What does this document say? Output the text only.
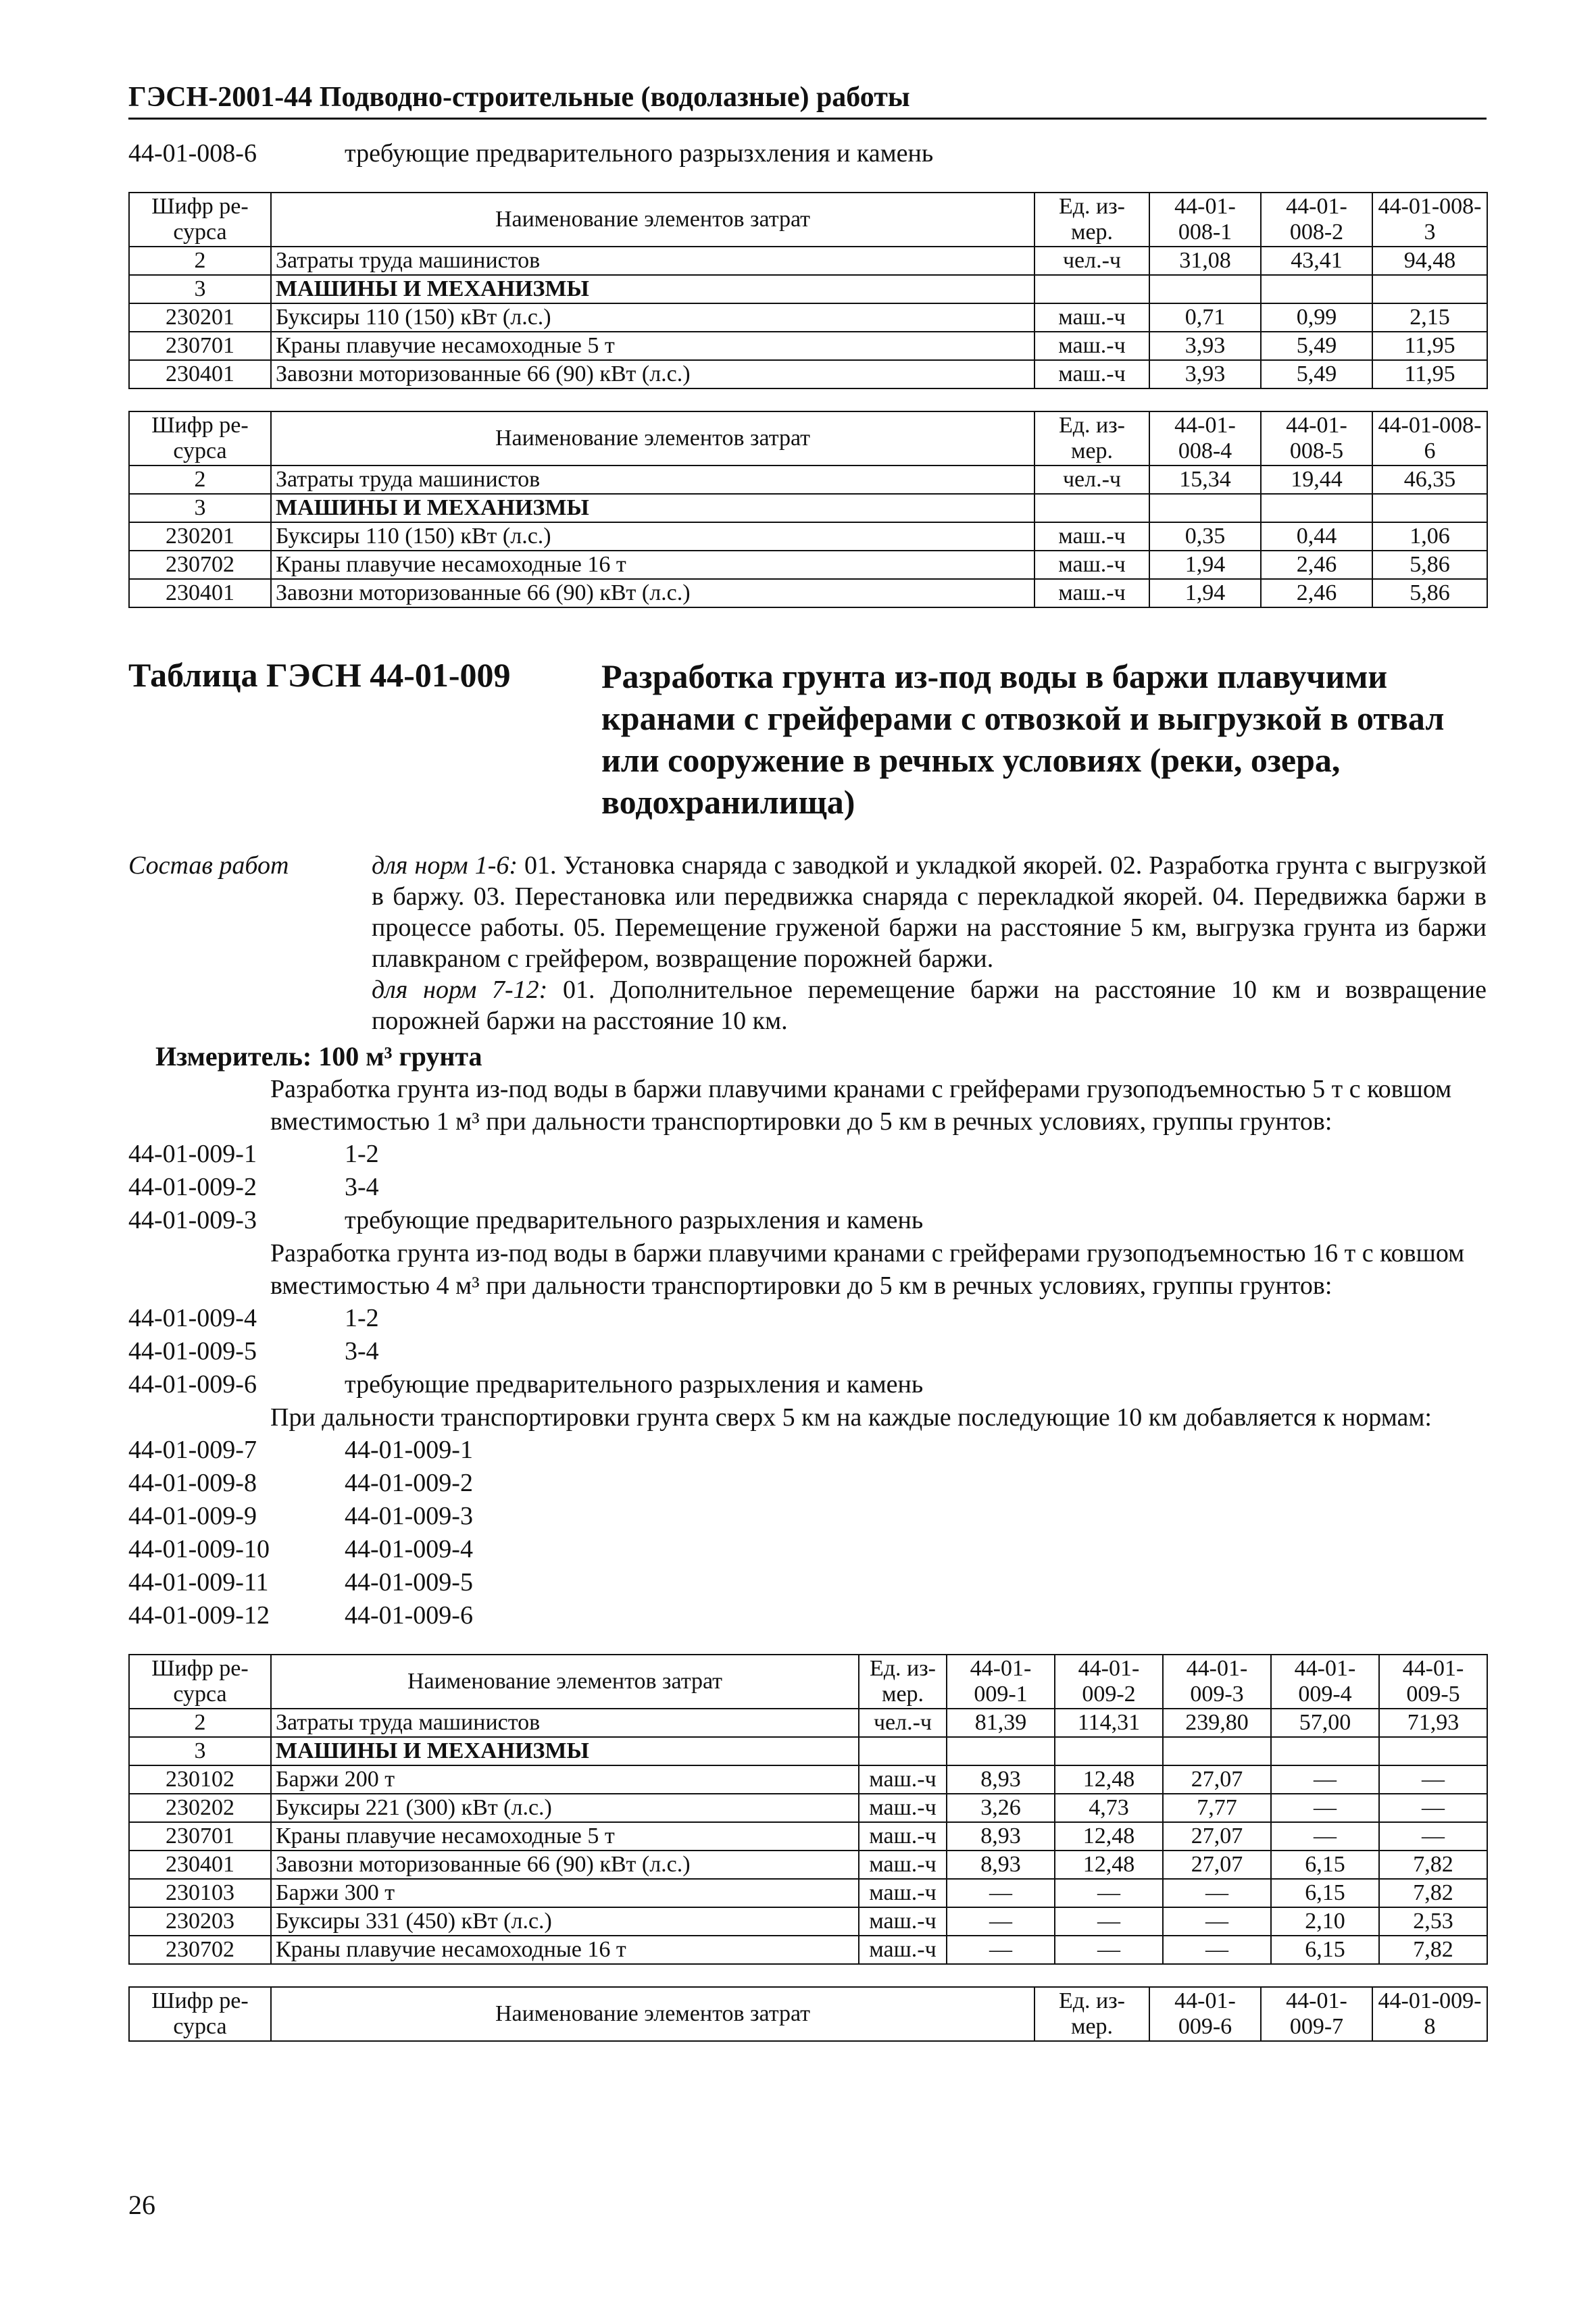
ГЭСН-2001-44 Подводно-строительные (водолазные) работы
44-01-008-6	требующие предварительного разрызхления и камень
Шифр ре-сурса	Наименование элементов затрат	Ед. из-мер.	44-01-008-1	44-01-008-2	44-01-008-3
2	Затраты труда машинистов	чел.-ч	31,08	43,41	94,48
3	МАШИНЫ И МЕХАНИЗМЫ				
230201	Буксиры 110 (150) кВт (л.с.)	маш.-ч	0,71	0,99	2,15
230701	Краны плавучие несамоходные 5 т	маш.-ч	3,93	5,49	11,95
230401	Завозни моторизованные 66 (90) кВт (л.с.)	маш.-ч	3,93	5,49	11,95
Шифр ре-сурса	Наименование элементов затрат	Ед. из-мер.	44-01-008-4	44-01-008-5	44-01-008-6
2	Затраты труда машинистов	чел.-ч	15,34	19,44	46,35
3	МАШИНЫ И МЕХАНИЗМЫ				
230201	Буксиры 110 (150) кВт (л.с.)	маш.-ч	0,35	0,44	1,06
230702	Краны плавучие несамоходные 16 т	маш.-ч	1,94	2,46	5,86
230401	Завозни моторизованные 66 (90) кВт (л.с.)	маш.-ч	1,94	2,46	5,86
Таблица ГЭСН 44-01-009	Разработка грунта из-под воды в баржи плавучими кранами с грейферами с отвозкой и выгрузкой в отвал или сооружение в речных условиях (реки, озера, водохранилища)
Состав работ	для норм 1-6: 01. Установка снаряда с заводкой и укладкой якорей. 02. Разработка грунта с выгрузкой в баржу. 03. Перестановка или передвижка снаряда с перекладкой якорей. 04. Передвижка баржи в процессе работы. 05. Перемещение груженой баржи на расстояние 5 км, выгрузка грунта из баржи плавкраном с грейфером, возвращение порожней баржи.
для норм 7-12: 01. Дополнительное перемещение баржи на расстояние 10 км и возвращение порожней баржи на расстояние 10 км.
Измеритель: 100 м³ грунта
Разработка грунта из-под воды в баржи плавучими кранами с грейферами грузоподъемностью 5 т с ковшом вместимостью 1 м³ при дальности транспортировки до 5 км в речных условиях, группы грунтов:
44-01-009-1	1-2
44-01-009-2	3-4
44-01-009-3	требующие предварительного разрыхления и камень
Разработка грунта из-под воды в баржи плавучими кранами с грейферами грузоподъемностью 16 т с ковшом вместимостью 4 м³ при дальности транспортировки до 5 км в речных условиях, группы грунтов:
44-01-009-4	1-2
44-01-009-5	3-4
44-01-009-6	требующие предварительного разрыхления и камень
При дальности транспортировки грунта сверх 5 км на каждые последующие 10 км добавляется к нормам:
44-01-009-7	44-01-009-1
44-01-009-8	44-01-009-2
44-01-009-9	44-01-009-3
44-01-009-10	44-01-009-4
44-01-009-11	44-01-009-5
44-01-009-12	44-01-009-6
Шифр ре-сурса	Наименование элементов затрат	Ед. из-мер.	44-01-009-1	44-01-009-2	44-01-009-3	44-01-009-4	44-01-009-5
2	Затраты труда машинистов	чел.-ч	81,39	114,31	239,80	57,00	71,93
3	МАШИНЫ И МЕХАНИЗМЫ						
230102	Баржи 200 т	маш.-ч	8,93	12,48	27,07	—	—
230202	Буксиры 221 (300) кВт (л.с.)	маш.-ч	3,26	4,73	7,77	—	—
230701	Краны плавучие несамоходные 5 т	маш.-ч	8,93	12,48	27,07	—	—
230401	Завозни моторизованные 66 (90) кВт (л.с.)	маш.-ч	8,93	12,48	27,07	6,15	7,82
230103	Баржи 300 т	маш.-ч	—	—	—	6,15	7,82
230203	Буксиры 331 (450) кВт (л.с.)	маш.-ч	—	—	—	2,10	2,53
230702	Краны плавучие несамоходные 16 т	маш.-ч	—	—	—	6,15	7,82
Шифр ре-сурса	Наименование элементов затрат	Ед. из-мер.	44-01-009-6	44-01-009-7	44-01-009-8
26
